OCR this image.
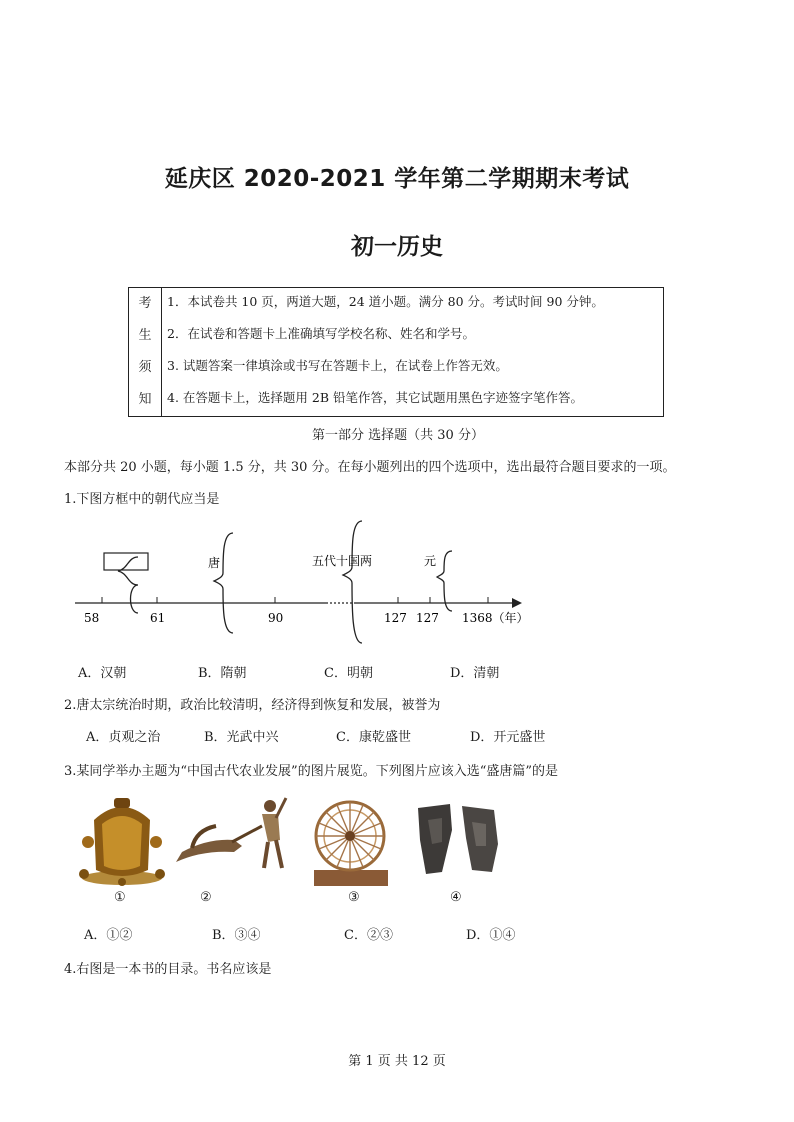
延庆区 2020-2021 学年第二学期期末考试
初一历史
考
生
须
知
1．本试卷共 10 页，两道大题，24 道小题。满分 80 分。考试时间 90 分钟。
2．在试卷和答题卡上准确填写学校名称、姓名和学号。
3. 试题答案一律填涂或书写在答题卡上，在试卷上作答无效。
4. 在答题卡上，选择题用 2B 铅笔作答，其它试题用黑色字迹签字笔作答。
第一部分 选择题（共 30 分）
本部分共 20 小题，每小题 1.5 分，共 30 分。在每小题列出的四个选项中，选出最符合题目要求的一项。
1.下图方框中的朝代应当是
唐	五代十国两	元
58	61	90	127 127 1368（年）
A．汉朝	B．隋朝	C．明朝	D．清朝
2.唐太宗统治时期，政治比较清明，经济得到恢复和发展，被誉为
A．贞观之治	B．光武中兴	C．康乾盛世	D．开元盛世
3.某同学举办主题为“中国古代农业发展”的图片展览。下列图片应该入选“盛唐篇”的是
①	②	③	④
A．①②	B．③④	C．②③	D．①④
4.右图是一本书的目录。书名应该是
第 1 页 共 12 页
